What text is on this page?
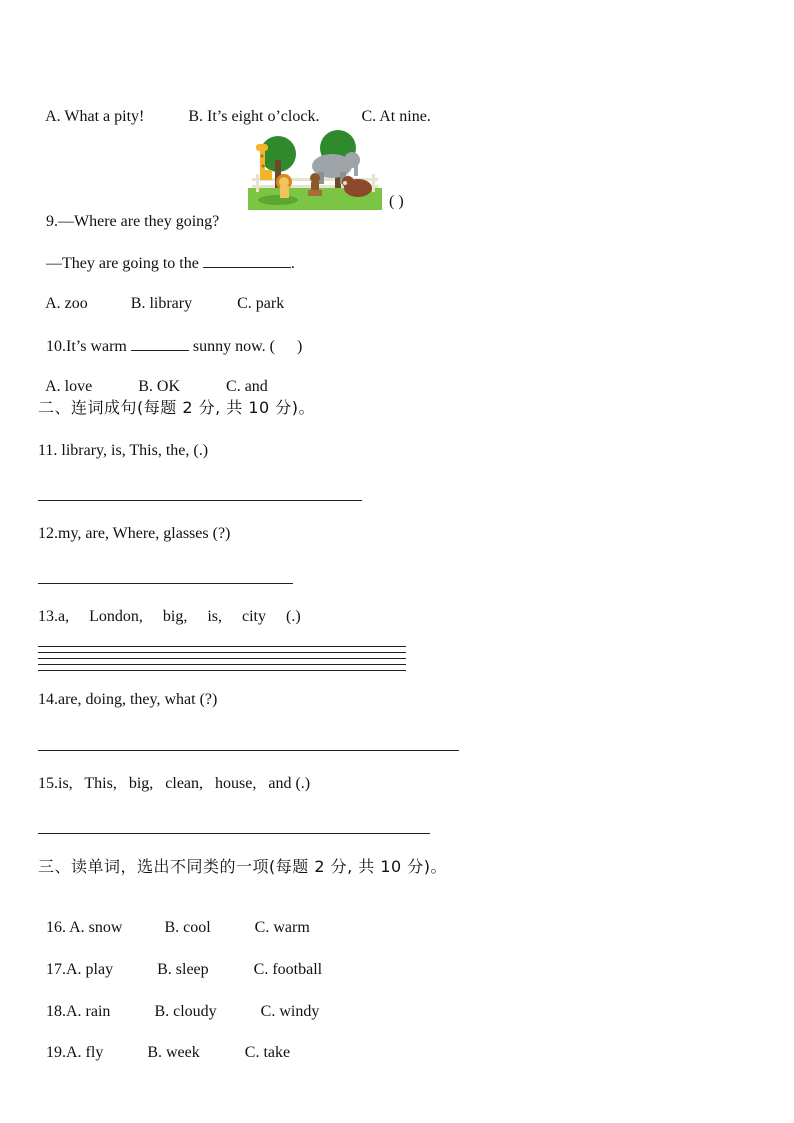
A. What a pity!	B. It’s eight o’clock.	C. At nine.

9.—Where are they going?

( )

—They are going to the	.

A. zoo	B. library	C. park

10.It’s warm	sunny now. ( )

A. love	B. OK	C. and

二、连词成句(每题 2 分, 共 10 分)。
11. library, is, This, the, (.)
12.my, are, Where, glasses (?)
13.a,     London,     big,     is,     city     (.)
14.are, doing, they, what (?)
15.is,   This,   big,   clean,   house,   and (.)
三、读单词，选出不同类的一项(每题 2 分, 共 10 分)。

16. A. snow	B. cool	C. warm

17.A. play	B. sleep	C. football

18.A. rain	B. cloudy	C. windy

19.A. fly	B. week	C. take
